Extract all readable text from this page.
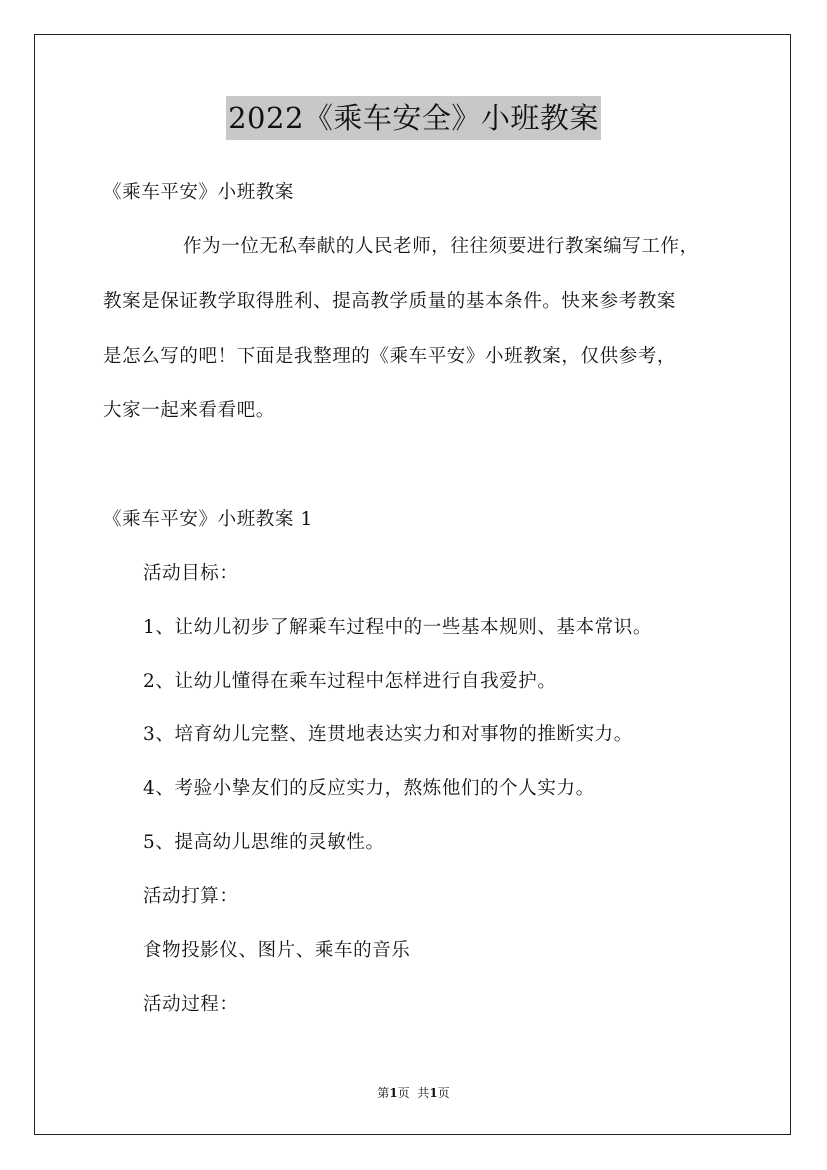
2022《乘车安全》小班教案
《乘车平安》小班教案
作为一位无私奉献的人民老师，往往须要进行教案编写工作，
教案是保证教学取得胜利、提高教学质量的基本条件。快来参考教案
是怎么写的吧！下面是我整理的《乘车平安》小班教案，仅供参考，
大家一起来看看吧。
《乘车平安》小班教案 1
活动目标：
1、让幼儿初步了解乘车过程中的一些基本规则、基本常识。
2、让幼儿懂得在乘车过程中怎样进行自我爱护。
3、培育幼儿完整、连贯地表达实力和对事物的推断实力。
4、考验小挚友们的反应实力，熬炼他们的个人实力。
5、提高幼儿思维的灵敏性。
活动打算：
食物投影仪、图片、乘车的音乐
活动过程：
第1页  共1页
